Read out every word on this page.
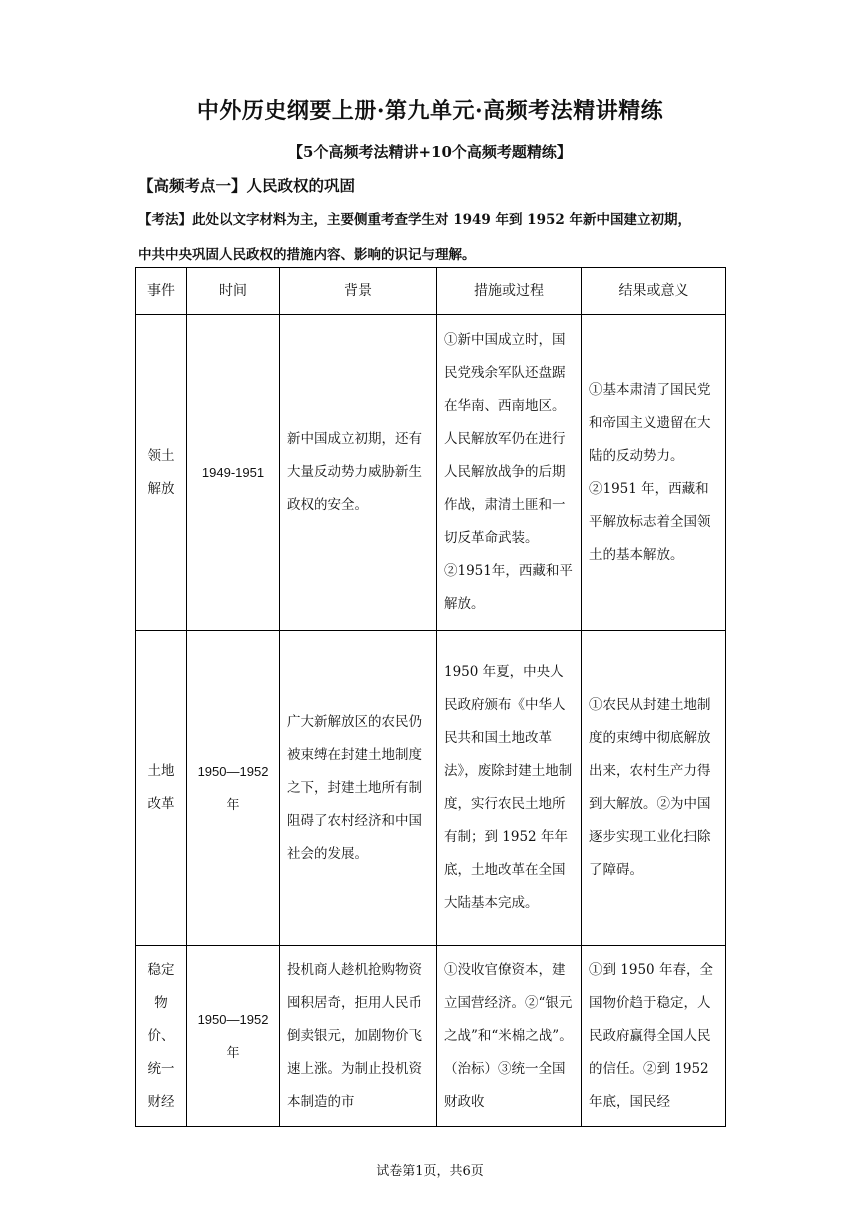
中外历史纲要上册·第九单元·高频考法精讲精练
【5个高频考法精讲+10个高频考题精练】
【高频考点一】人民政权的巩固
【考法】此处以文字材料为主，主要侧重考查学生对 1949 年到 1952 年新中国建立初期，
中共中央巩固人民政权的措施内容、影响的识记与理解。
事件	时间	背景	措施或过程	结果或意义
领土解放	1949-1951	新中国成立初期，还有大量反动势力威胁新生政权的安全。	①新中国成立时，国民党残余军队还盘踞在华南、西南地区。人民解放军仍在进行人民解放战争的后期作战，肃清土匪和一切反革命武装。②1951年，西藏和平解放。	①基本肃清了国民党和帝国主义遗留在大陆的反动势力。②1951 年，西藏和平解放标志着全国领土的基本解放。
土地改革	1950—1952 年	广大新解放区的农民仍被束缚在封建土地制度之下，封建土地所有制阻碍了农村经济和中国社会的发展。	1950 年夏，中央人民政府颁布《中华人民共和国土地改革法》，废除封建土地制度，实行农民土地所有制；到 1952 年年底，土地改革在全国大陆基本完成。	①农民从封建土地制度的束缚中彻底解放出来，农村生产力得到大解放。②为中国逐步实现工业化扫除了障碍。
稳定物价、统一财经	1950—1952 年	投机商人趁机抢购物资囤积居奇，拒用人民币倒卖银元，加剧物价飞速上涨。为制止投机资本制造的市	①没收官僚资本，建立国营经济。②“银元之战”和“米棉之战”。（治标）③统一全国财政收	①到 1950 年春，全国物价趋于稳定，人民政府赢得全国人民的信任。②到 1952 年底，国民经
试卷第1页，共6页
